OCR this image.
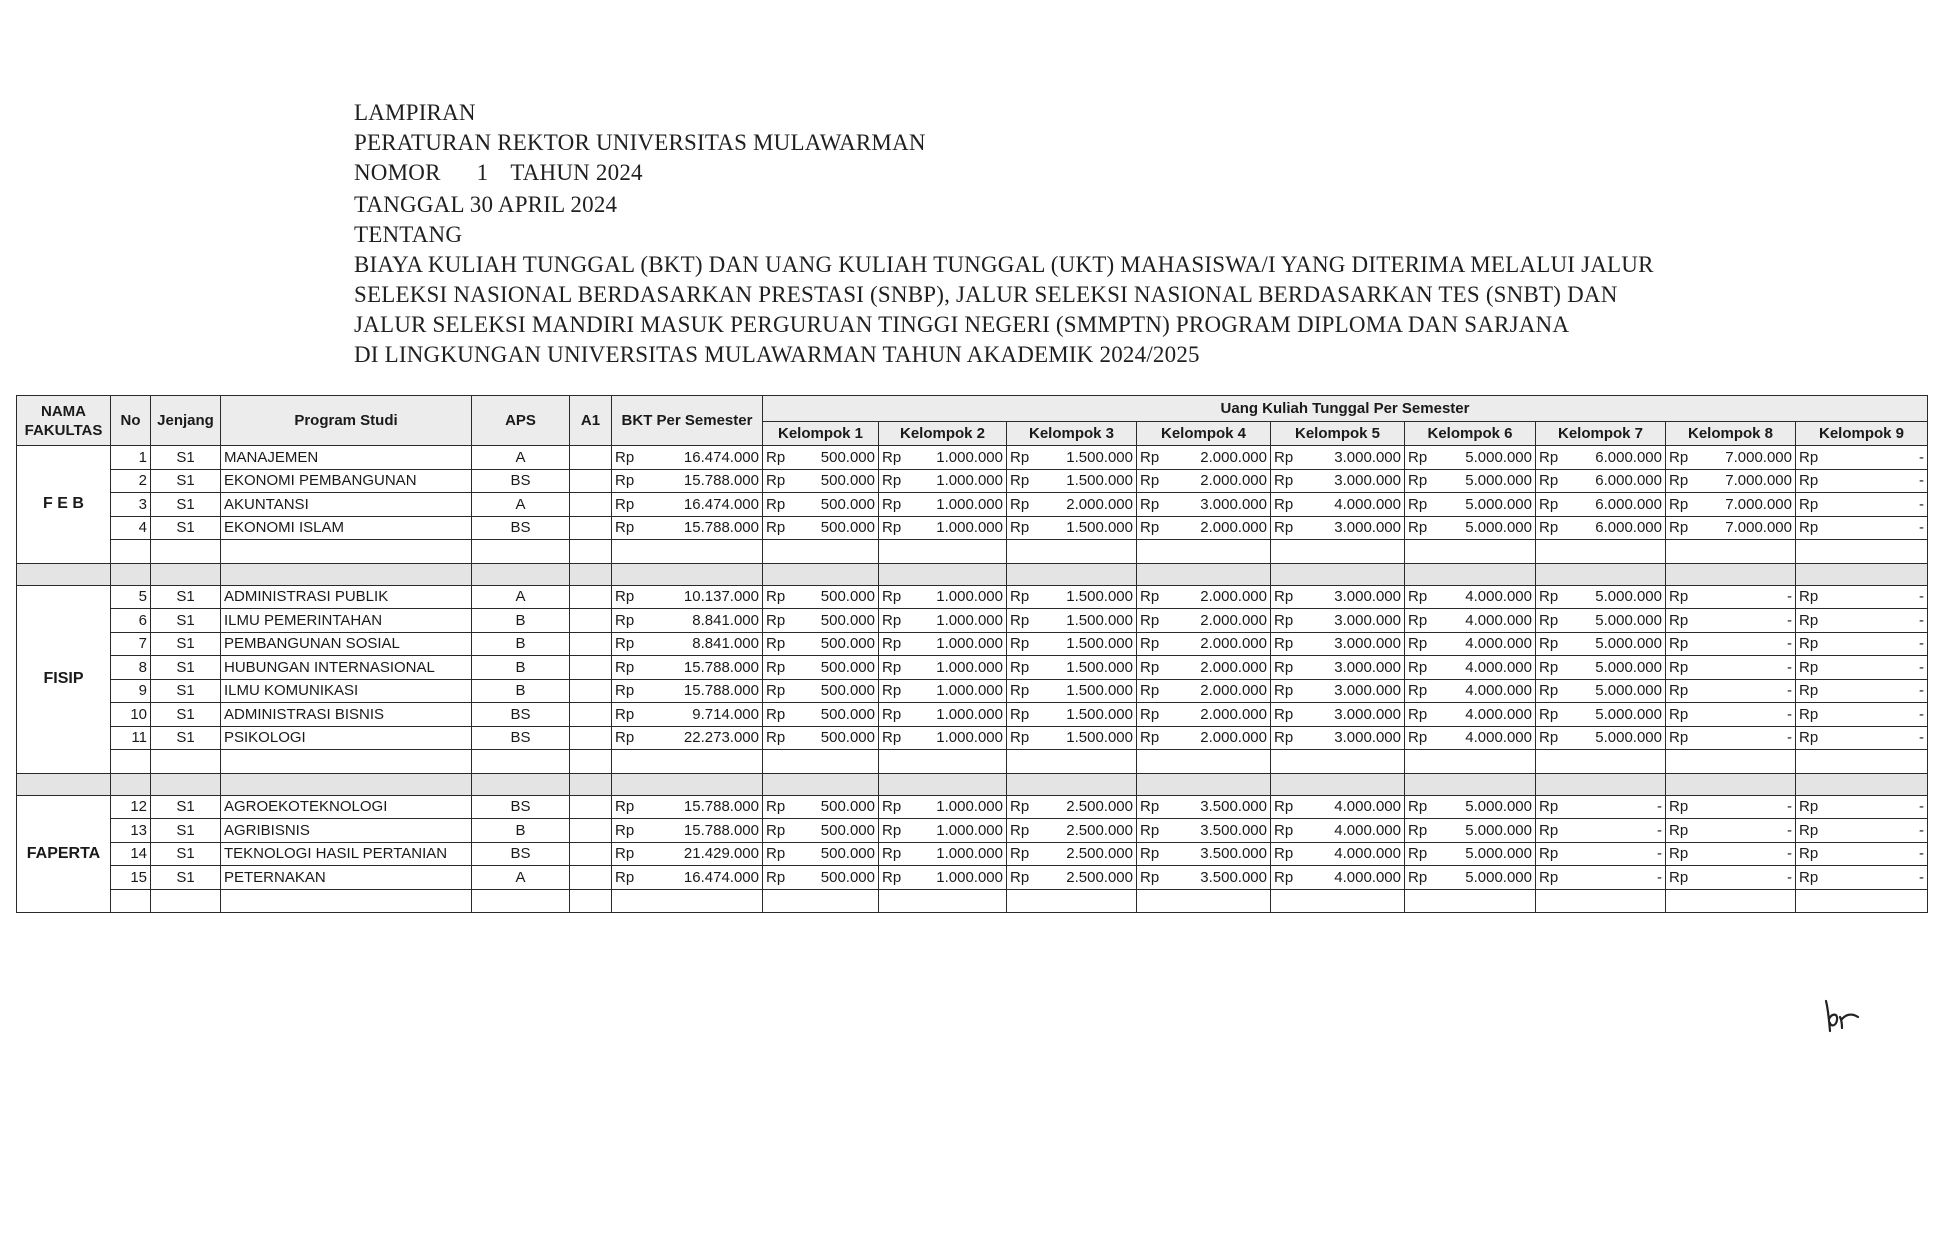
LAMPIRAN
PERATURAN REKTOR UNIVERSITAS MULAWARMAN
NOMOR 1 TAHUN 2024
TANGGAL 30 APRIL 2024
TENTANG
BIAYA KULIAH TUNGGAL (BKT) DAN UANG KULIAH TUNGGAL (UKT) MAHASISWA/I YANG DITERIMA MELALUI JALUR
SELEKSI NASIONAL BERDASARKAN PRESTASI (SNBP), JALUR SELEKSI NASIONAL BERDASARKAN TES (SNBT) DAN
JALUR SELEKSI MANDIRI MASUK PERGURUAN TINGGI NEGERI (SMMPTN) PROGRAM DIPLOMA DAN SARJANA
DI LINGKUNGAN UNIVERSITAS MULAWARMAN TAHUN AKADEMIK 2024/2025
NAMA FAKULTAS	No	Jenjang	Program Studi	APS	A1	BKT Per Semester	Uang Kuliah Tunggal Per Semester								
							Kelompok 1	Kelompok 2	Kelompok 3	Kelompok 4	Kelompok 5	Kelompok 6	Kelompok 7	Kelompok 8	Kelompok 9
F E B	1	S1	MANAJEMEN	A		Rp 16.474.000	Rp 500.000	Rp 1.000.000	Rp 1.500.000	Rp 2.000.000	Rp 3.000.000	Rp 5.000.000	Rp 6.000.000	Rp 7.000.000	Rp -

	2	S1	EKONOMI PEMBANGUNAN	BS		Rp 15.788.000	Rp 500.000	Rp 1.000.000	Rp 1.500.000	Rp 2.000.000	Rp 3.000.000	Rp 5.000.000	Rp 6.000.000	Rp 7.000.000	Rp -

	3	S1	AKUNTANSI	A		Rp 16.474.000	Rp 500.000	Rp 1.000.000	Rp 2.000.000	Rp 3.000.000	Rp 4.000.000	Rp 5.000.000	Rp 6.000.000	Rp 7.000.000	Rp -

	4	S1	EKONOMI ISLAM	BS		Rp 15.788.000	Rp 500.000	Rp 1.000.000	Rp 1.500.000	Rp 2.000.000	Rp 3.000.000	Rp 5.000.000	Rp 6.000.000	Rp 7.000.000	Rp -

FISIP	5	S1	ADMINISTRASI PUBLIK	A		Rp 10.137.000	Rp 500.000	Rp 1.000.000	Rp 1.500.000	Rp 2.000.000	Rp 3.000.000	Rp 4.000.000	Rp 5.000.000	Rp -	Rp -

	6	S1	ILMU PEMERINTAHAN	B		Rp 8.841.000	Rp 500.000	Rp 1.000.000	Rp 1.500.000	Rp 2.000.000	Rp 3.000.000	Rp 4.000.000	Rp 5.000.000	Rp -	Rp -

	7	S1	PEMBANGUNAN SOSIAL	B		Rp 8.841.000	Rp 500.000	Rp 1.000.000	Rp 1.500.000	Rp 2.000.000	Rp 3.000.000	Rp 4.000.000	Rp 5.000.000	Rp -	Rp -

	8	S1	HUBUNGAN INTERNASIONAL	B		Rp 15.788.000	Rp 500.000	Rp 1.000.000	Rp 1.500.000	Rp 2.000.000	Rp 3.000.000	Rp 4.000.000	Rp 5.000.000	Rp -	Rp -

	9	S1	ILMU KOMUNIKASI	B		Rp 15.788.000	Rp 500.000	Rp 1.000.000	Rp 1.500.000	Rp 2.000.000	Rp 3.000.000	Rp 4.000.000	Rp 5.000.000	Rp -	Rp -

	10	S1	ADMINISTRASI BISNIS	BS		Rp 9.714.000	Rp 500.000	Rp 1.000.000	Rp 1.500.000	Rp 2.000.000	Rp 3.000.000	Rp 4.000.000	Rp 5.000.000	Rp -	Rp -

	11	S1	PSIKOLOGI	BS		Rp 22.273.000	Rp 500.000	Rp 1.000.000	Rp 1.500.000	Rp 2.000.000	Rp 3.000.000	Rp 4.000.000	Rp 5.000.000	Rp -	Rp -

FAPERTA	12	S1	AGROEKOTEKNOLOGI	BS		Rp 15.788.000	Rp 500.000	Rp 1.000.000	Rp 2.500.000	Rp 3.500.000	Rp 4.000.000	Rp 5.000.000	Rp -	Rp -	Rp -

	13	S1	AGRIBISNIS	B		Rp 15.788.000	Rp 500.000	Rp 1.000.000	Rp 2.500.000	Rp 3.500.000	Rp 4.000.000	Rp 5.000.000	Rp -	Rp -	Rp -

	14	S1	TEKNOLOGI HASIL PERTANIAN	BS		Rp 21.429.000	Rp 500.000	Rp 1.000.000	Rp 2.500.000	Rp 3.500.000	Rp 4.000.000	Rp 5.000.000	Rp -	Rp -	Rp -

	15	S1	PETERNAKAN	A		Rp 16.474.000	Rp 500.000	Rp 1.000.000	Rp 2.500.000	Rp 3.500.000	Rp 4.000.000	Rp 5.000.000	Rp -	Rp -	Rp -
